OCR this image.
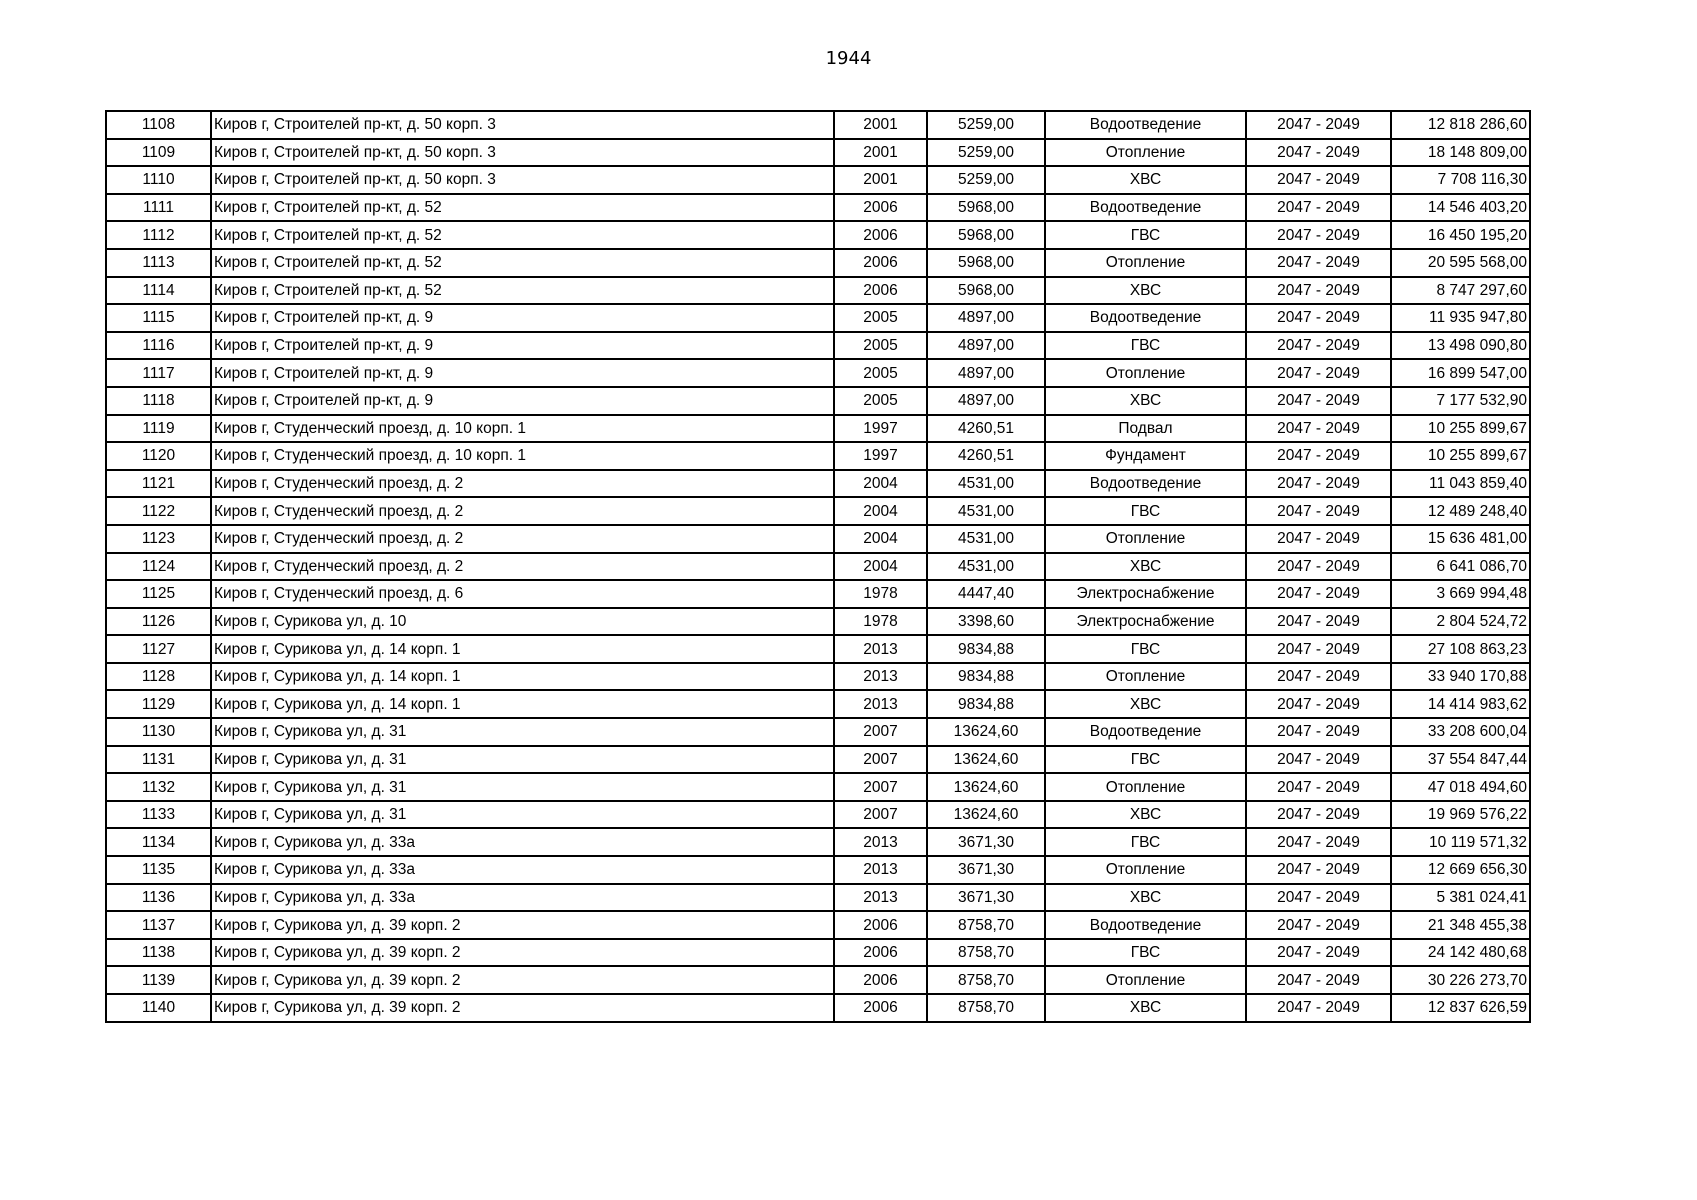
1944
1108	Киров г, Строителей пр-кт, д. 50 корп. 3	2001	5259,00	Водоотведение	2047 - 2049	12 818 286,60
1109	Киров г, Строителей пр-кт, д. 50 корп. 3	2001	5259,00	Отопление	2047 - 2049	18 148 809,00
1110	Киров г, Строителей пр-кт, д. 50 корп. 3	2001	5259,00	ХВС	2047 - 2049	7 708 116,30
1111	Киров г, Строителей пр-кт, д. 52	2006	5968,00	Водоотведение	2047 - 2049	14 546 403,20
1112	Киров г, Строителей пр-кт, д. 52	2006	5968,00	ГВС	2047 - 2049	16 450 195,20
1113	Киров г, Строителей пр-кт, д. 52	2006	5968,00	Отопление	2047 - 2049	20 595 568,00
1114	Киров г, Строителей пр-кт, д. 52	2006	5968,00	ХВС	2047 - 2049	8 747 297,60
1115	Киров г, Строителей пр-кт, д. 9	2005	4897,00	Водоотведение	2047 - 2049	11 935 947,80
1116	Киров г, Строителей пр-кт, д. 9	2005	4897,00	ГВС	2047 - 2049	13 498 090,80
1117	Киров г, Строителей пр-кт, д. 9	2005	4897,00	Отопление	2047 - 2049	16 899 547,00
1118	Киров г, Строителей пр-кт, д. 9	2005	4897,00	ХВС	2047 - 2049	7 177 532,90
1119	Киров г, Студенческий проезд, д. 10 корп. 1	1997	4260,51	Подвал	2047 - 2049	10 255 899,67
1120	Киров г, Студенческий проезд, д. 10 корп. 1	1997	4260,51	Фундамент	2047 - 2049	10 255 899,67
1121	Киров г, Студенческий проезд, д. 2	2004	4531,00	Водоотведение	2047 - 2049	11 043 859,40
1122	Киров г, Студенческий проезд, д. 2	2004	4531,00	ГВС	2047 - 2049	12 489 248,40
1123	Киров г, Студенческий проезд, д. 2	2004	4531,00	Отопление	2047 - 2049	15 636 481,00
1124	Киров г, Студенческий проезд, д. 2	2004	4531,00	ХВС	2047 - 2049	6 641 086,70
1125	Киров г, Студенческий проезд, д. 6	1978	4447,40	Электроснабжение	2047 - 2049	3 669 994,48
1126	Киров г, Сурикова ул, д. 10	1978	3398,60	Электроснабжение	2047 - 2049	2 804 524,72
1127	Киров г, Сурикова ул, д. 14 корп. 1	2013	9834,88	ГВС	2047 - 2049	27 108 863,23
1128	Киров г, Сурикова ул, д. 14 корп. 1	2013	9834,88	Отопление	2047 - 2049	33 940 170,88
1129	Киров г, Сурикова ул, д. 14 корп. 1	2013	9834,88	ХВС	2047 - 2049	14 414 983,62
1130	Киров г, Сурикова ул, д. 31	2007	13624,60	Водоотведение	2047 - 2049	33 208 600,04
1131	Киров г, Сурикова ул, д. 31	2007	13624,60	ГВС	2047 - 2049	37 554 847,44
1132	Киров г, Сурикова ул, д. 31	2007	13624,60	Отопление	2047 - 2049	47 018 494,60
1133	Киров г, Сурикова ул, д. 31	2007	13624,60	ХВС	2047 - 2049	19 969 576,22
1134	Киров г, Сурикова ул, д. 33а	2013	3671,30	ГВС	2047 - 2049	10 119 571,32
1135	Киров г, Сурикова ул, д. 33а	2013	3671,30	Отопление	2047 - 2049	12 669 656,30
1136	Киров г, Сурикова ул, д. 33а	2013	3671,30	ХВС	2047 - 2049	5 381 024,41
1137	Киров г, Сурикова ул, д. 39 корп. 2	2006	8758,70	Водоотведение	2047 - 2049	21 348 455,38
1138	Киров г, Сурикова ул, д. 39 корп. 2	2006	8758,70	ГВС	2047 - 2049	24 142 480,68
1139	Киров г, Сурикова ул, д. 39 корп. 2	2006	8758,70	Отопление	2047 - 2049	30 226 273,70
1140	Киров г, Сурикова ул, д. 39 корп. 2	2006	8758,70	ХВС	2047 - 2049	12 837 626,59
